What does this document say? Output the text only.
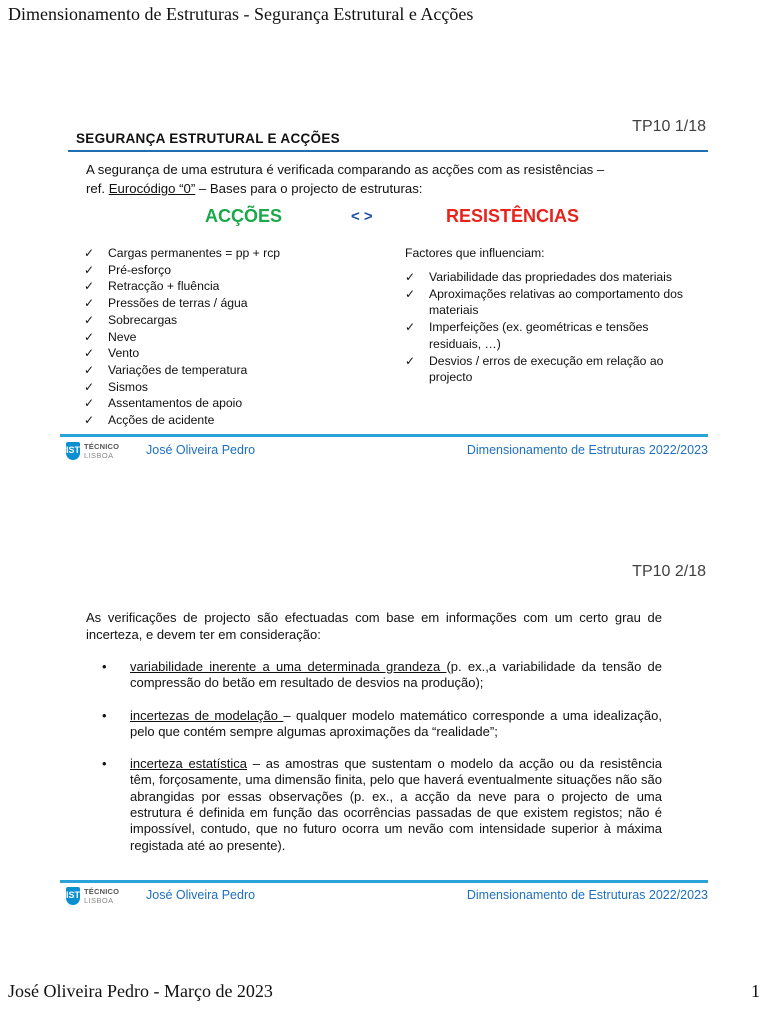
Dimensionamento de Estruturas - Segurança Estrutural e Acções
TP10 1/18
SEGURANÇA ESTRUTURAL E ACÇÕES
A segurança de uma estrutura é verificada comparando as acções com as resistências –
ref. Eurocódigo “0” – Bases para o projecto de estruturas:
ACÇÕES	< >	RESISTÊNCIAS
✓ Cargas permanentes = pp + rcp
✓ Pré-esforço
✓ Retracção + fluência
✓ Pressões de terras / água
✓ Sobrecargas
✓ Neve
✓ Vento
✓ Variações de temperatura
✓ Sismos
✓ Assentamentos de apoio
✓ Acções de acidente
Factores que influenciam:
✓ Variabilidade das propriedades dos materiais
✓ Aproximações relativas ao comportamento dos materiais
✓ Imperfeições (ex. geométricas e tensões residuais, …)
✓ Desvios / erros de execução em relação ao projecto
IST TÉCNICO
LISBOA	José Oliveira Pedro	Dimensionamento de Estruturas 2022/2023
TP10 2/18
As verificações de projecto são efectuadas com base em informações com um certo grau de incerteza, e devem ter em consideração:
• variabilidade inerente a uma determinada grandeza (p. ex.,a variabilidade da tensão de compressão do betão em resultado de desvios na produção);
• incertezas de modelação – qualquer modelo matemático corresponde a uma idealização, pelo que contém sempre algumas aproximações da “realidade”;
• incerteza estatística – as amostras que sustentam o modelo da acção ou da resistência têm, forçosamente, uma dimensão finita, pelo que haverá eventualmente situações não são abrangidas por essas observações (p. ex., a acção da neve para o projecto de uma estrutura é definida em função das ocorrências passadas de que existem registos; não é impossível, contudo, que no futuro ocorra um nevão com intensidade superior à máxima registada até ao presente).
IST TÉCNICO
LISBOA	José Oliveira Pedro	Dimensionamento de Estruturas 2022/2023
José Oliveira Pedro - Março de 2023	1
